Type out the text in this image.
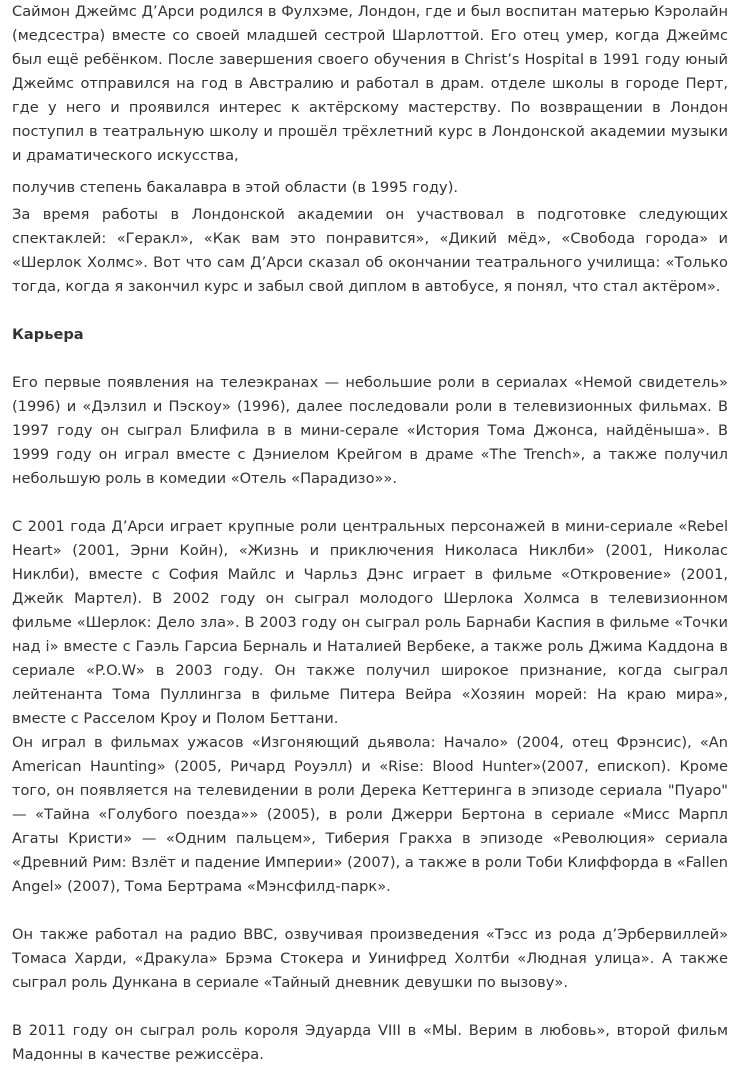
Саймон Джеймс Д’Арси родился в Фулхэме, Лондон, где и был воспитан матерью Кэролайн (медсестра) вместе со своей младшей сестрой Шарлоттой. Его отец умер, когда Джеймс был ещё ребёнком. После завершения своего обучения в Christ’s Hospital в 1991 году юный Джеймс отправился на год в Австралию и работал в драм. отделе школы в городе Перт, где у него и проявился интерес к актёрскому мастерству. По возвращении в Лондон поступил в театральную школу и прошёл трёхлетний курс в Лондонской академии музыки и драматического искусства,
получив степень бакалавра в этой области (в 1995 году).

За время работы в Лондонской академии он участвовал в подготовке следующих спектаклей: «Геракл», «Как вам это понравится», «Дикий мёд», «Свобода города» и «Шерлок Холмс». Вот что сам Д’Арси сказал об окончании театрального училища: «Только тогда, когда я закончил курс и забыл свой диплом в автобусе, я понял, что стал актёром».

Карьера

Его первые появления на телеэкранах — небольшие роли в сериалах «Немой свидетель» (1996) и «Дэлзил и Пэскоу» (1996), далее последовали роли в телевизионных фильмах. В 1997 году он сыграл Блифила в в мини-серале «История Тома Джонса, найдёныша». В 1999 году он играл вместе с Дэниелом Крейгом в драме «The Trench», а также получил небольшую роль в комедии «Отель «Парадизо»».

С 2001 года Д’Арси играет крупные роли центральных персонажей в мини-сериале «Rebel Heart» (2001, Эрни Койн), «Жизнь и приключения Николаса Никлби» (2001, Николас Никлби), вместе с София Майлс и Чарльз Дэнс играет в фильме «Откровение» (2001, Джейк Мартел). В 2002 году он сыграл молодого Шерлока Холмса в телевизионном фильме «Шерлок: Дело зла». В 2003 году он сыграл роль Барнаби Каспия в фильме «Точки над i» вместе с Гаэль Гарсиа Берналь и Наталией Вербеке, а также роль Джима Каддона в сериале «P.O.W» в 2003 году. Он также получил широкое признание, когда сыграл лейтенанта Тома Пуллингза в фильме Питера Вейра «Хозяин морей: На краю мира», вместе с Расселом Кроу и Полом Беттани.

Он играл в фильмах ужасов «Изгоняющий дьявола: Начало» (2004, отец Фрэнсис), «An American Haunting» (2005, Ричард Роуэлл) и «Rise: Blood Hunter»(2007, епископ). Кроме того, он появляется на телевидении в роли Дерека Кеттеринга в эпизоде сериала "Пуаро" — «Тайна «Голубого поезда»» (2005), в роли Джерри Бертона в сериале «Мисс Марпл Агаты Кристи» — «Одним пальцем», Тиберия Гракха в эпизоде «Революция» сериала «Древний Рим: Взлёт и падение Империи» (2007), а также в роли Тоби Клиффорда в «Fallen Angel» (2007), Тома Бертрама «Мэнсфилд-парк».

Он также работал на радио BBC, озвучивая произведения «Тэсс из рода д’Эрбервиллей» Томаса Харди, «Дракула» Брэма Стокера и Уинифред Холтби «Людная улица». А также сыграл роль Дункана в сериале «Тайный дневник девушки по вызову».

В 2011 году он сыграл роль короля Эдуарда VIII в «МЫ. Верим в любовь», второй фильм Мадонны в качестве режиссёра.
